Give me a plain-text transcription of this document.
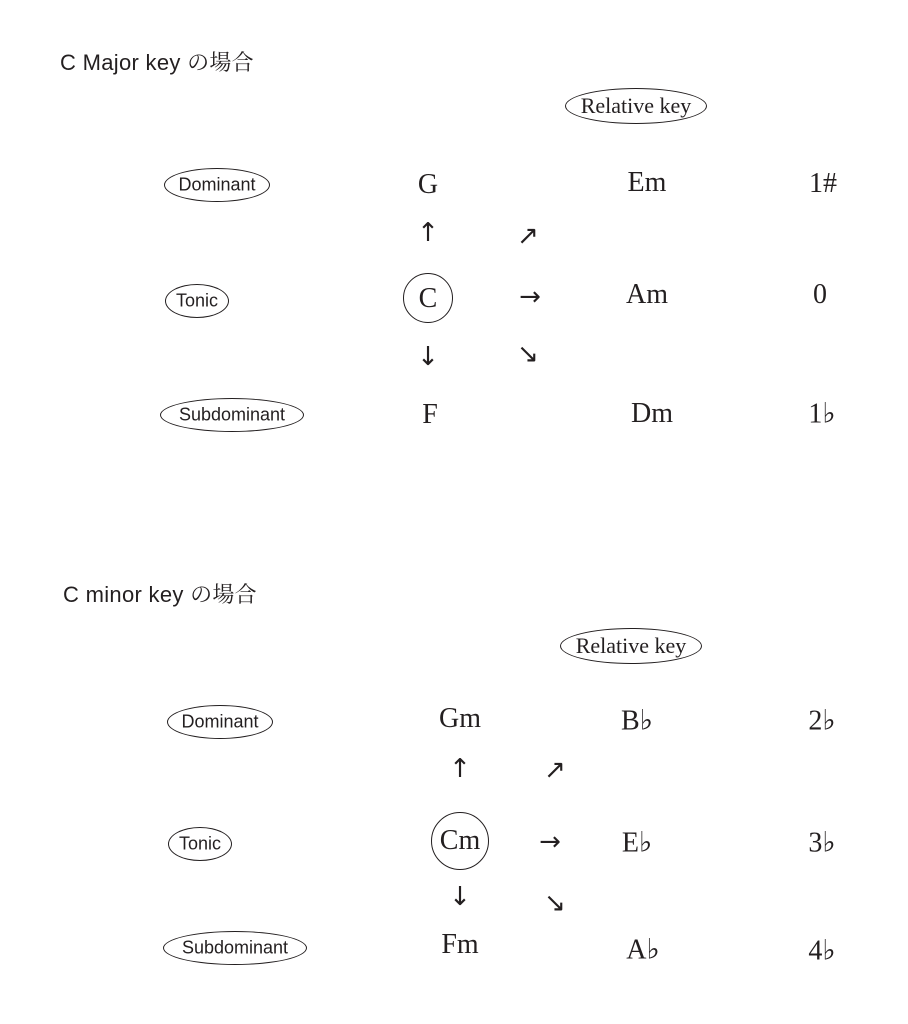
C Major key の場合
Relative key
Dominant
Tonic
Subdominant
G
↑
C
↓
F
↗
→
↘
Em
Am
Dm
1#
0
1♭
C minor key の場合
Relative key
Dominant
Tonic
Subdominant
Gm
↑
Cm
↓
Fm
↗
→
↘
B♭
E♭
A♭
2♭
3♭
4♭
